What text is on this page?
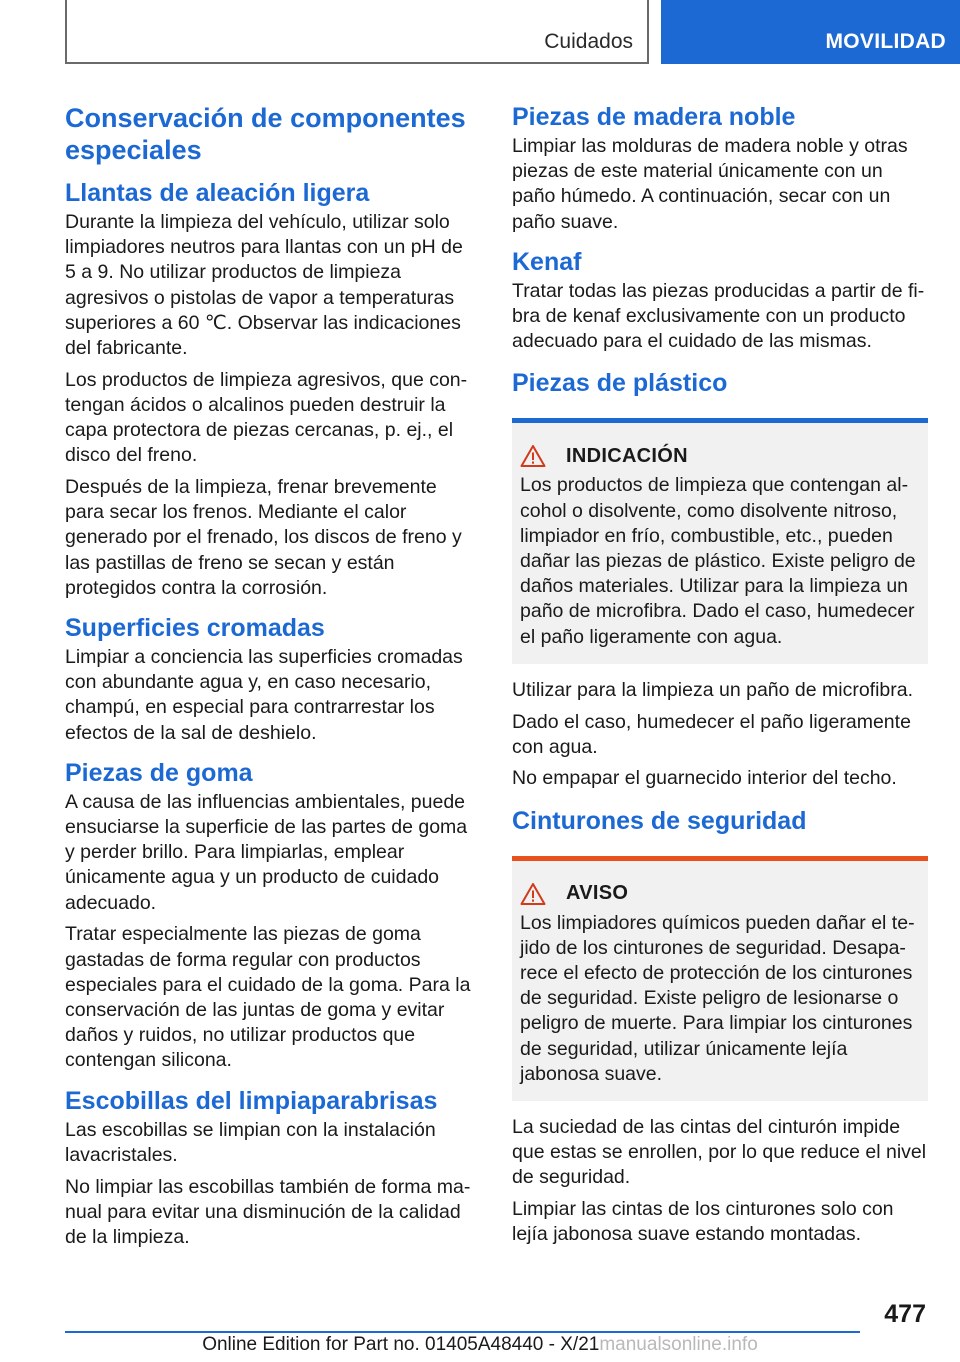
Cuidados	MOVILIDAD
Conservación de componentes especiales
Llantas de aleación ligera

Durante la limpieza del vehículo, utilizar solo limpiadores neutros para llantas con un pH de 5 a 9. No utilizar productos de limpieza agresivos o pistolas de vapor a temperaturas superiores a 60 ℃. Observar las indicaciones del fabricante.

Los productos de limpieza agresivos, que contengan ácidos o alcalinos pueden destruir la capa protectora de piezas cercanas, p. ej., el disco del freno.

Después de la limpieza, frenar brevemente para secar los frenos. Mediante el calor generado por el frenado, los discos de freno y las pastillas de freno se secan y están protegidos contra la corrosión.

Superficies cromadas

Limpiar a conciencia las superficies cromadas con abundante agua y, en caso necesario, champú, en especial para contrarrestar los efectos de la sal de deshielo.

Piezas de goma

A causa de las influencias ambientales, puede ensuciarse la superficie de las partes de goma y perder brillo. Para limpiarlas, emplear únicamente agua y un producto de cuidado adecuado.

Tratar especialmente las piezas de goma gastadas de forma regular con productos especiales para el cuidado de la goma. Para la conservación de las juntas de goma y evitar daños y ruidos, no utilizar productos que contengan silicona.

Escobillas del limpiaparabrisas

Las escobillas se limpian con la instalación lavacristales.

No limpiar las escobillas también de forma manual para evitar una disminución de la calidad de la limpieza.

Piezas de madera noble

Limpiar las molduras de madera noble y otras piezas de este material únicamente con un paño húmedo. A continuación, secar con un paño suave.

Kenaf

Tratar todas las piezas producidas a partir de fibra de kenaf exclusivamente con un producto adecuado para el cuidado de las mismas.

Piezas de plástico
INDICACIÓN

Los productos de limpieza que contengan alcohol o disolvente, como disolvente nitroso, limpiador en frío, combustible, etc., pueden dañar las piezas de plástico. Existe peligro de daños materiales. Utilizar para la limpieza un paño de microfibra. Dado el caso, humedecer el paño ligeramente con agua.

Utilizar para la limpieza un paño de microfibra.

Dado el caso, humedecer el paño ligeramente con agua.

No empapar el guarnecido interior del techo.

Cinturones de seguridad
AVISO

Los limpiadores químicos pueden dañar el tejido de los cinturones de seguridad. Desaparece el efecto de protección de los cinturones de seguridad. Existe peligro de lesionarse o peligro de muerte. Para limpiar los cinturones de seguridad, utilizar únicamente lejía jabonosa suave.

La suciedad de las cintas del cinturón impide que estas se enrollen, por lo que reduce el nivel de seguridad.

Limpiar las cintas de los cinturones solo con lejía jabonosa suave estando montadas.

477
Online Edition for Part no. 01405A48440 - X/21manualsonline.info
